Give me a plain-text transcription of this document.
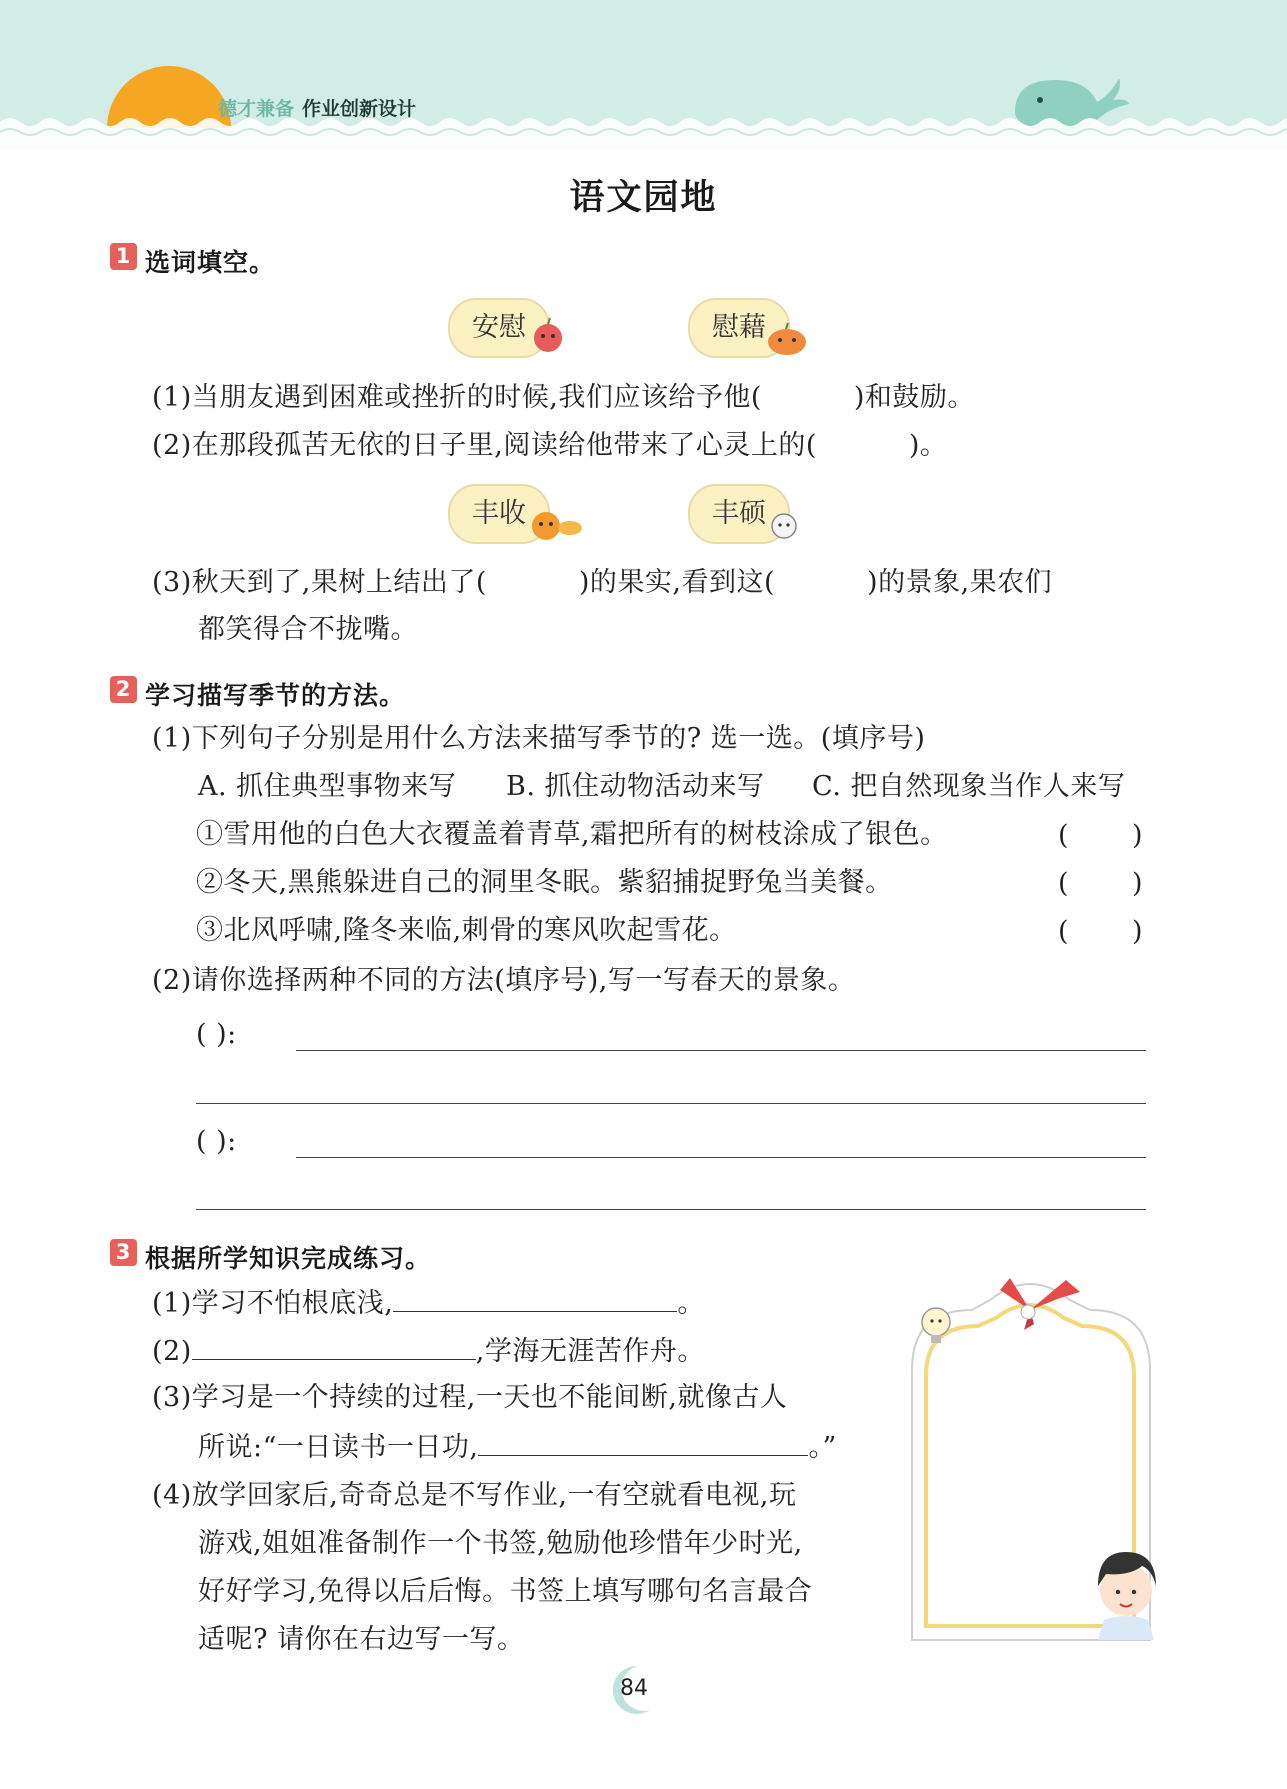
德才兼备 作业创新设计
语文园地
1 选词填空。
安慰	慰藉
(1)当朋友遇到困难或挫折的时候,我们应该给予他(	)和鼓励。
(2)在那段孤苦无依的日子里,阅读给他带来了心灵上的(	)。
丰收	丰硕
(3)秋天到了,果树上结出了(	)的果实,看到这(	)的景象,果农们
都笑得合不拢嘴。
2 学习描写季节的方法。
(1)下列句子分别是用什么方法来描写季节的? 选一选。(填序号)
A. 抓住典型事物来写 B. 抓住动物活动来写 C. 把自然现象当作人来写
①雪用他的白色大衣覆盖着青草,霜把所有的树枝涂成了银色。	( )
②冬天,黑熊躲进自己的洞里冬眠。紫貂捕捉野兔当美餐。	( )
③北风呼啸,隆冬来临,刺骨的寒风吹起雪花。	( )
(2)请你选择两种不同的方法(填序号),写一写春天的景象。
( ):
( ):
3 根据所学知识完成练习。
(1)学习不怕根底浅,	。
(2)	,学海无涯苦作舟。
(3)学习是一个持续的过程,一天也不能间断,就像古人
所说:“一日读书一日功,	。”
(4)放学回家后,奇奇总是不写作业,一有空就看电视,玩
游戏,姐姐准备制作一个书签,勉励他珍惜年少时光,
好好学习,免得以后后悔。书签上填写哪句名言最合
适呢? 请你在右边写一写。
84
